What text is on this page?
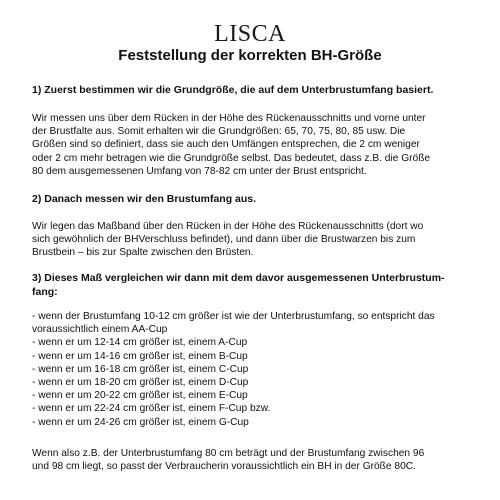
LISCA
Feststellung der korrekten BH-Größe
1) Zuerst bestimmen wir die Grundgröße, die auf dem Unterbrustumfang basiert.
Wir messen uns über dem Rücken in der Höhe des Rückenausschnitts und vorne unter
der Brustfalte aus. Somit erhalten wir die Grundgrößen: 65, 70, 75, 80, 85 usw. Die
Größen sind so definiert, dass sie auch den Umfängen entsprechen, die 2 cm weniger
oder 2 cm mehr betragen wie die Grundgröße selbst. Das bedeutet, dass z.B. die Größe
80 dem ausgemessenen Umfang von 78-82 cm unter der Brust entspricht.
2) Danach messen wir den Brustumfang aus.
Wir legen das Maßband über den Rücken in der Höhe des Rückenausschnitts (dort wo
sich gewöhnlich der BHVerschluss befindet), und dann über die Brustwarzen bis zum
Brustbein – bis zur Spalte zwischen den Brüsten.
3) Dieses Maß vergleichen wir dann mit dem davor ausgemessenen Unterbrustum-
fang:
- wenn der Brustumfang 10-12 cm größer ist wie der Unterbrustumfang, so entspricht das
voraussichtlich einem AA-Cup
- wenn er um 12-14 cm größer ist, einem A-Cup
- wenn er um 14-16 cm größer ist, einem B-Cup
- wenn er um 16-18 cm größer ist, einem C-Cup
- wenn er um 18-20 cm größer ist, einem D-Cup
- wenn er um 20-22 cm größer ist, einem E-Cup
- wenn er um 22-24 cm größer ist, einem F-Cup bzw.
- wenn er um 24-26 cm größer ist, einem G-Cup
Wenn also z.B. der Unterbrustumfang 80 cm beträgt und der Brustumfang zwischen 96
und 98 cm liegt, so passt der Verbraucherin voraussichtlich ein BH in der Größe 80C.
